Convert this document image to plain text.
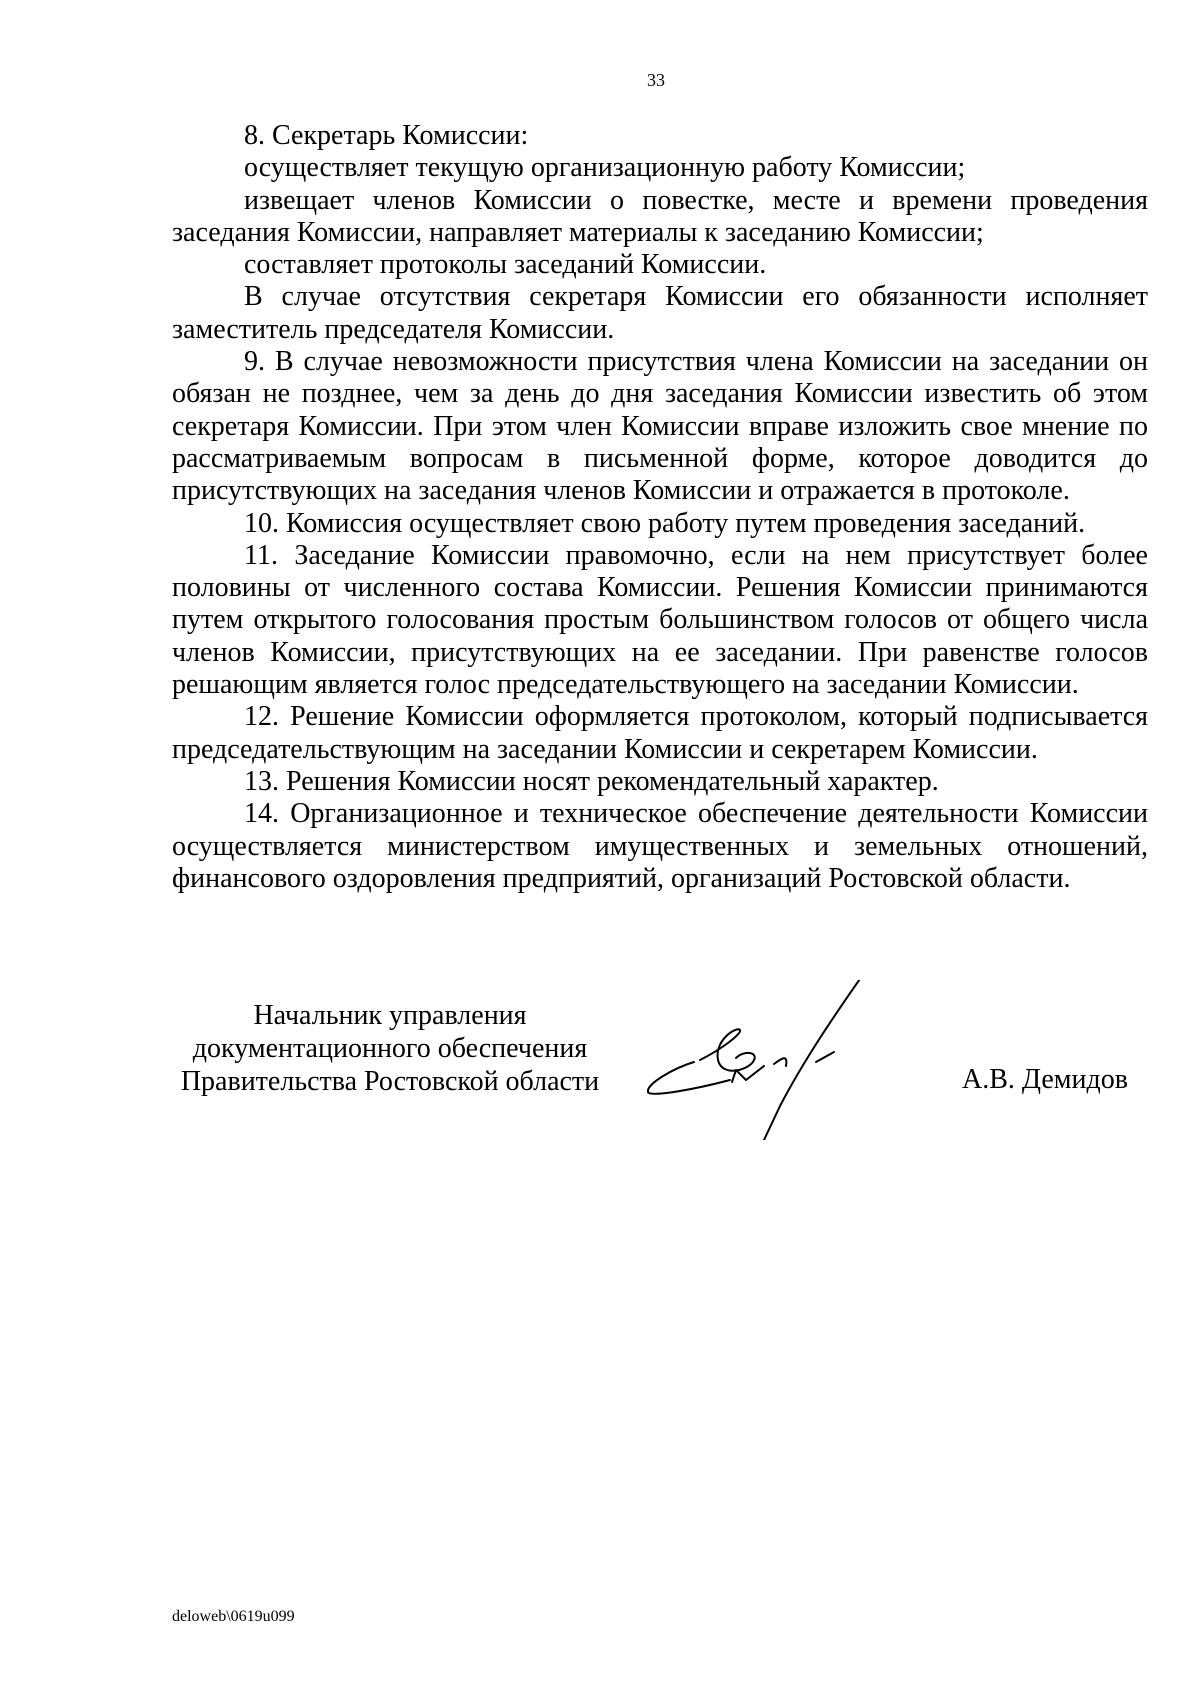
33

8. Секретарь Комиссии:

осуществляет текущую организационную работу Комиссии;

извещает членов Комиссии о повестке, месте и времени проведения заседания Комиссии, направляет материалы к заседанию Комиссии;

составляет протоколы заседаний Комиссии.

В случае отсутствия секретаря Комиссии его обязанности исполняет заместитель председателя Комиссии.

9. В случае невозможности присутствия члена Комиссии на заседании он обязан не позднее, чем за день до дня заседания Комиссии известить об этом секретаря Комиссии. При этом член Комиссии вправе изложить свое мнение по рассматриваемым вопросам в письменной форме, которое доводится до присутствующих на заседания членов Комиссии и отражается в протоколе.

10. Комиссия осуществляет свою работу путем проведения заседаний.

11. Заседание Комиссии правомочно, если на нем присутствует более половины от численного состава Комиссии. Решения Комиссии принимаются путем открытого голосования простым большинством голосов от общего числа членов Комиссии, присутствующих на ее заседании. При равенстве голосов решающим является голос председательствующего на заседании Комиссии.

12. Решение Комиссии оформляется протоколом, который подписывается председательствующим на заседании Комиссии и секретарем Комиссии.

13. Решения Комиссии носят рекомендательный характер.

14. Организационное и техническое обеспечение деятельности Комиссии осуществляется министерством имущественных и земельных отношений, финансового оздоровления предприятий, организаций Ростовской области.

Начальник управления
документационного обеспечения
Правительства Ростовской области	А.В. Демидов
deloweb\0619u099
